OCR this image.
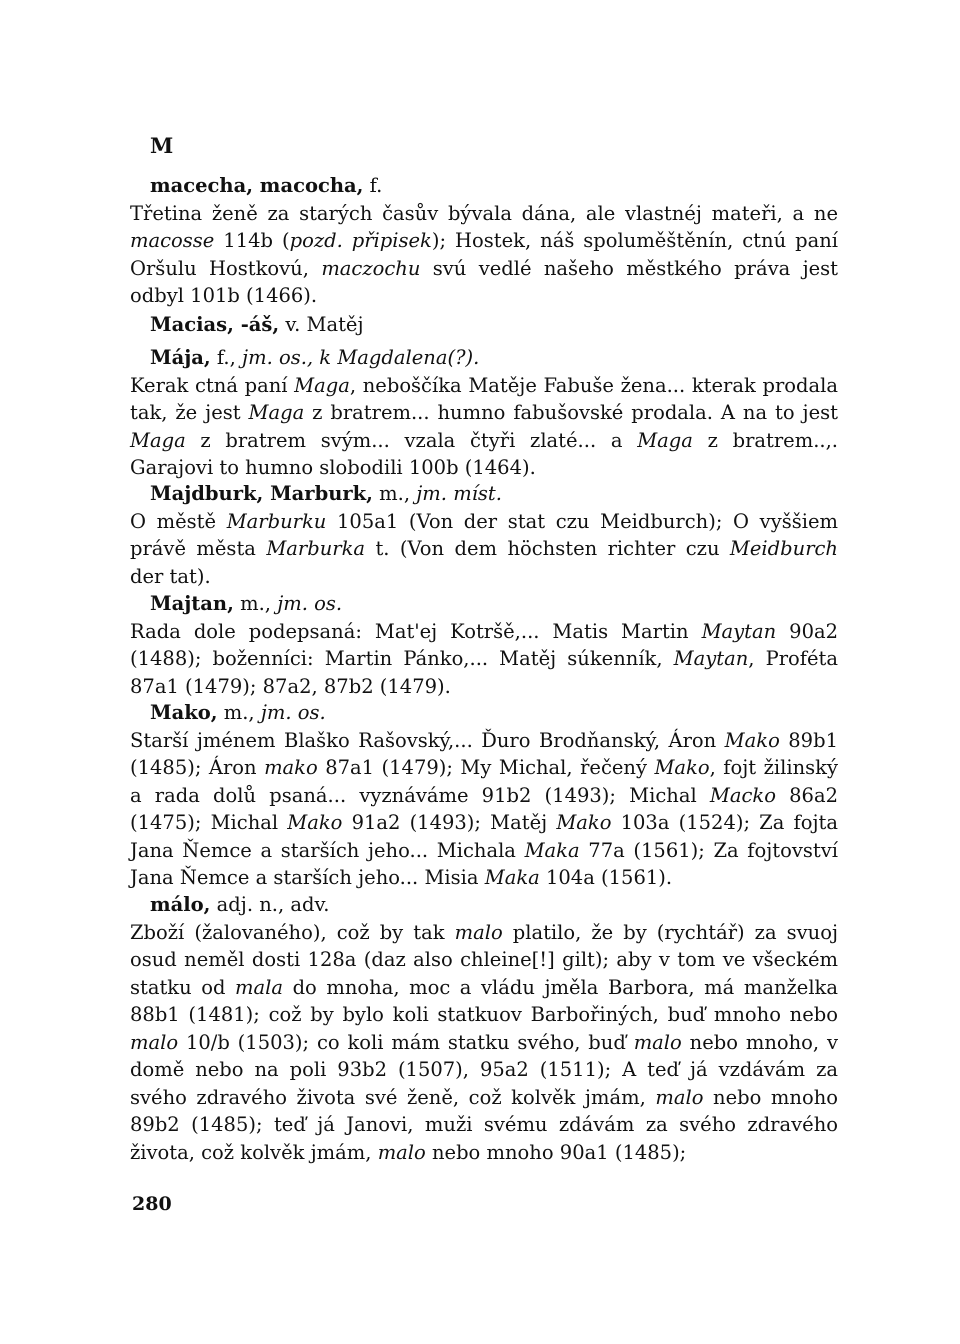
M
macecha, macocha, f.

Třetina ženě za starých časův bývala dána, ale vlastnéj mateři, a ne macosse 114b (pozd. připisek); Hostek, náš spoluměštěnín, ctnú paní Oršulu Hostkovú, maczochu svú vedlé našeho městkého práva jest odbyl 101b (1466).

Macias, -áš, v. Matěj
Mája, f., jm. os., k Magdalena(?).

Kerak ctná paní Maga, neboščíka Matěje Fabuše žena... kterak prodala tak, že jest Maga z bratrem... humno fabušovské prodala. A na to jest Maga z bratrem svým... vzala čtyři zlaté... a Maga z bratrem..,. Garajovi to humno slobodili 100b (1464).

Majdburk, Marburk, m., jm. míst.

O městě Marburku 105a1 (Von der stat czu Meidburch); O vyššiem právě města Marburka t. (Von dem höchsten richter czu Meidburch der tat).

Majtan, m., jm. os.

Rada dole podepsaná: Mat'ej Kotršě,... Matis Martin Maytan 90a2 (1488); boženníci: Martin Pánko,... Matěj súkenník, Maytan, Proféta 87a1 (1479); 87a2, 87b2 (1479).

Mako, m., jm. os.

Starší jménem Blaško Rašovský,... Ďuro Brodňanský, Áron Mako 89b1 (1485); Áron mako 87a1 (1479); My Michal, řečený Mako, fojt žilinský a rada dolů psaná... vyznáváme 91b2 (1493); Michal Macko 86a2 (1475); Michal Mako 91a2 (1493); Matěj Mako 103a (1524); Za fojta Jana Ňemce a starších jeho... Michala Maka 77a (1561); Za fojtovství Jana Ňemce a starších jeho... Misia Maka 104a (1561).

málo, adj. n., adv.

Zboží (žalovaného), což by tak malo platilo, že by (rychtář) za svuoj osud neměl dosti 128a (daz also chleine[!] gilt); aby v tom ve všeckém statku od mala do mnoha, moc a vládu jměla Barbora, má manželka 88b1 (1481); což by bylo koli statkuov Barbořiných, buď mnoho nebo malo 10/b (1503); co koli mám statku svého, buď malo nebo mnoho, v domě nebo na poli 93b2 (1507), 95a2 (1511); A teď já vzdávám za svého zdravého života své ženě, což kolvěk jmám, malo nebo mnoho 89b2 (1485); teď já Janovi, muži svému zdávám za svého zdravého života, což kolvěk jmám, malo nebo mnoho 90a1 (1485);

280
